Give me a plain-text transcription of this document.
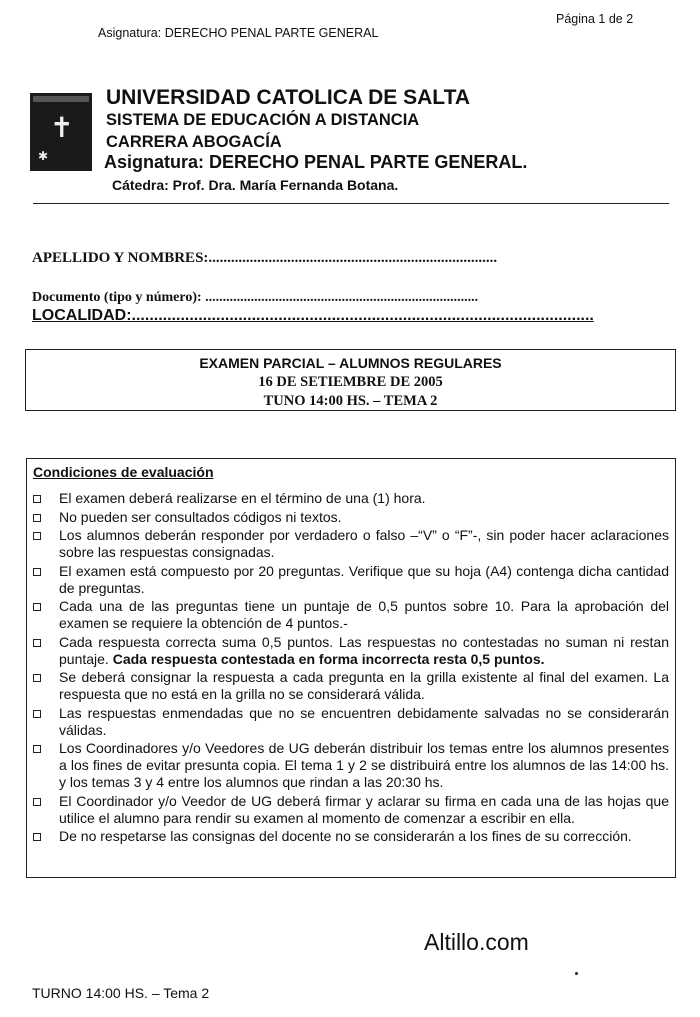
Asignatura: DERECHO PENAL PARTE GENERAL
Página 1 de 2
✝
✱
UNIVERSIDAD CATOLICA DE SALTA
SISTEMA DE EDUCACIÓN A DISTANCIA
CARRERA ABOGACÍA
Asignatura: DERECHO PENAL PARTE GENERAL.
Cátedra: Prof. Dra. María Fernanda Botana.
APELLIDO Y NOMBRES:.............................................................................
Documento (tipo y número): ..............................................................................
LOCALIDAD:........................................................................................................
EXAMEN PARCIAL – ALUMNOS REGULARES
16 DE SETIEMBRE DE 2005
TUNO 14:00 HS. – TEMA 2
Condiciones de evaluación
El examen deberá realizarse en el término de una (1) hora.
No pueden ser consultados códigos ni textos.
Los alumnos deberán responder por verdadero o falso –“V” o “F”-, sin poder hacer aclaraciones sobre las respuestas consignadas.
El examen está compuesto por 20 preguntas. Verifique que su hoja (A4) contenga dicha cantidad de preguntas.
Cada una de las preguntas tiene un puntaje de 0,5 puntos sobre 10. Para la aprobación del examen se requiere la obtención de 4 puntos.-
Cada respuesta correcta suma 0,5 puntos. Las respuestas no contestadas no suman ni restan puntaje. Cada respuesta contestada en forma incorrecta resta 0,5 puntos.
Se deberá consignar la respuesta a cada pregunta en la grilla existente al final del examen. La respuesta que no está en la grilla no se considerará válida.
Las respuestas enmendadas que no se encuentren debidamente salvadas no se considerarán válidas.
Los Coordinadores y/o Veedores de UG deberán distribuir los temas entre los alumnos presentes a los fines de evitar presunta copia. El tema 1 y 2 se distribuirá entre los alumnos de las 14:00 hs. y los temas 3 y 4 entre los alumnos que rindan a las 20:30 hs.
El Coordinador y/o Veedor de UG deberá firmar y aclarar su firma en cada una de las hojas que utilice el alumno para rendir su examen al momento de comenzar a escribir en ella.
De no respetarse las consignas del docente no se considerarán a los fines de su corrección.
Altillo.com
TURNO 14:00 HS. – Tema 2
